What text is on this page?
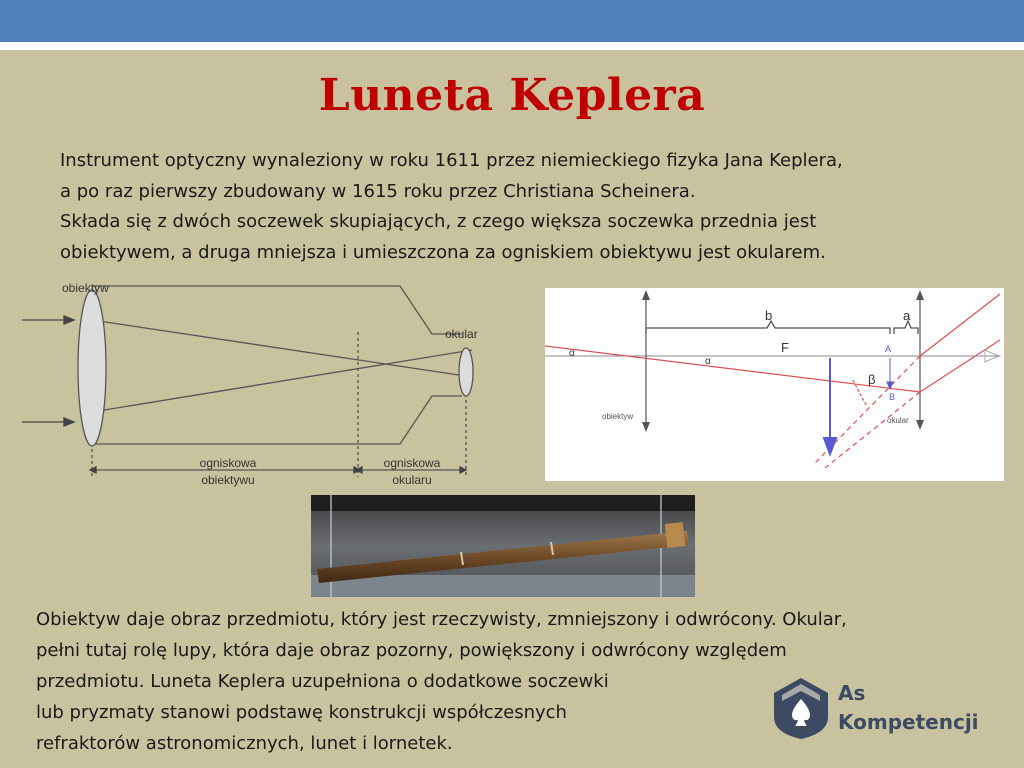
Luneta Keplera

Instrument optyczny wynaleziony w roku 1611 przez niemieckiego fizyka Jana Keplera,

a po raz pierwszy zbudowany w 1615 roku przez Christiana Scheinera.

Składa się z dwóch soczewek skupiających, z czego większa soczewka przednia jest

obiektywem, a druga mniejsza i umieszczona za ogniskiem obiektywu jest okularem.

obiektyw
okular
ogniskowa
obiektywu
ogniskowa
okularu
b	a
F
α
α
β
A
B
obiektyw	okular

Obiektyw daje obraz przedmiotu, który jest rzeczywisty, zmniejszony i odwrócony. Okular,

pełni tutaj rolę lupy, która daje obraz pozorny, powiększony i odwrócony względem

przedmiotu. Luneta Keplera uzupełniona o dodatkowe soczewki

lub pryzmaty stanowi podstawę konstrukcji współczesnych

refraktorów astronomicznych, lunet i lornetek.

As
Kompetencji
